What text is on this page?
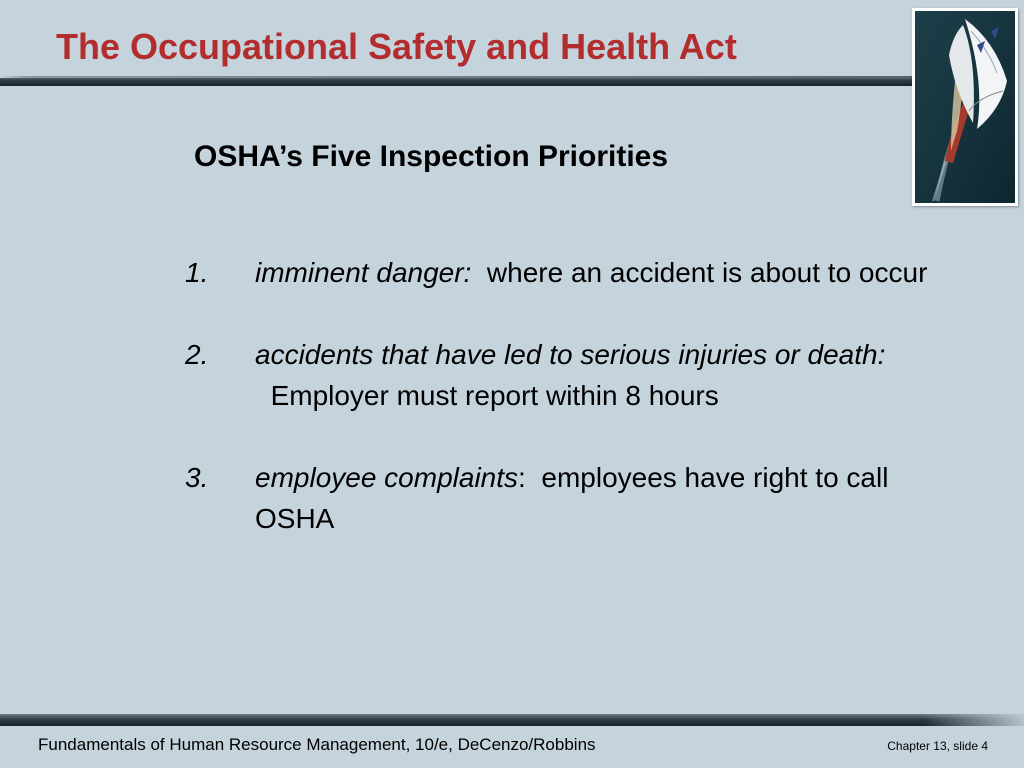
The Occupational Safety and Health Act
OSHA’s Five Inspection Priorities
1. imminent danger: where an accident is about to occur
2. accidents that have led to serious injuries or death:  Employer must report within 8 hours
3. employee complaints:  employees have right to call OSHA
Fundamentals of Human Resource Management, 10/e, DeCenzo/Robbins	Chapter 13, slide 4
